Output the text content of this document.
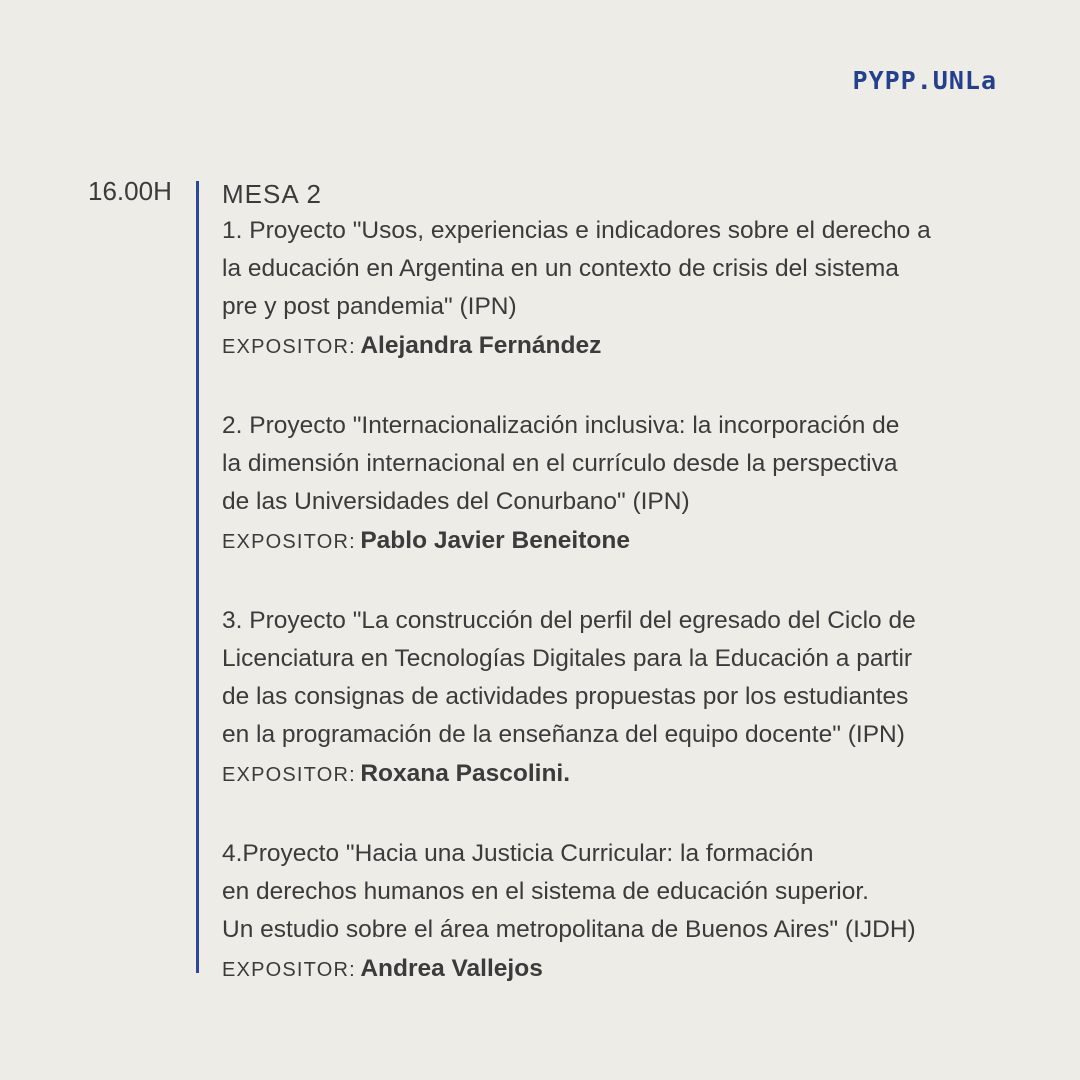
PYPP.UNLa
16.00H MESA 2

1. Proyecto "Usos, experiencias e indicadores sobre el derecho a
la educación en Argentina en un contexto de crisis del sistema
pre y post pandemia" (IPN)

EXPOSITOR: Alejandra Fernández

2. Proyecto "Internacionalización inclusiva: la incorporación de
la dimensión internacional en el currículo desde la perspectiva
de las Universidades del Conurbano" (IPN)

EXPOSITOR: Pablo Javier Beneitone

3. Proyecto "La construcción del perfil del egresado del Ciclo de
Licenciatura en Tecnologías Digitales para la Educación a partir
de las consignas de actividades propuestas por los estudiantes
en la programación de la enseñanza del equipo docente" (IPN)

EXPOSITOR: Roxana Pascolini.

4.Proyecto "Hacia una Justicia Curricular: la formación
en derechos humanos en el sistema de educación superior.
Un estudio sobre el área metropolitana de Buenos Aires" (IJDH)

EXPOSITOR: Andrea Vallejos
